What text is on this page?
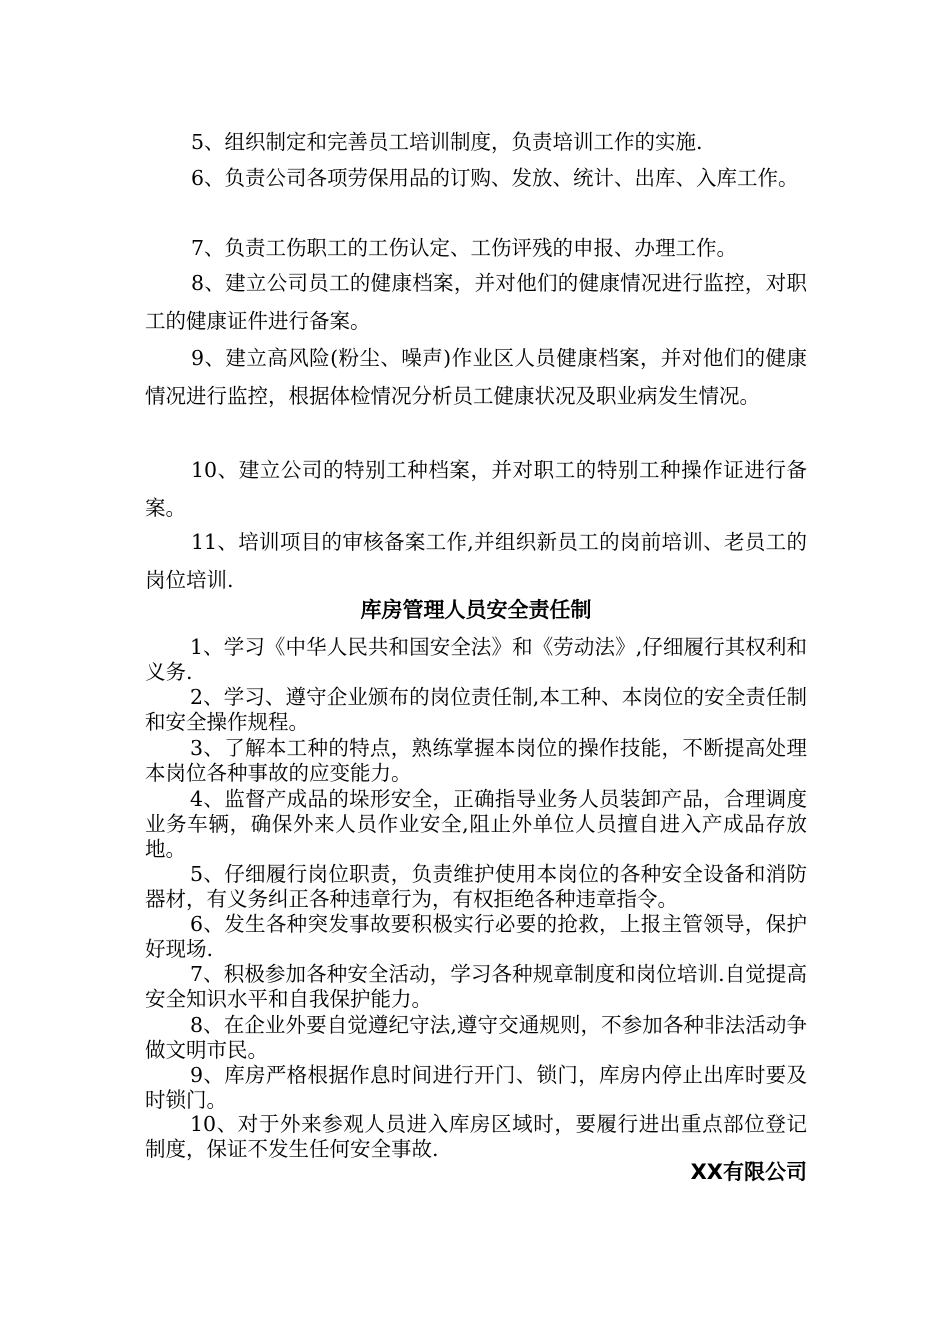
5、组织制定和完善员工培训制度，负责培训工作的实施.

6、负责公司各项劳保用品的订购、发放、统计、出库、入库工作。

7、负责工伤职工的工伤认定、工伤评残的申报、办理工作。

8、建立公司员工的健康档案，并对他们的健康情况进行监控，对职工的健康证件进行备案。

9、建立高风险(粉尘、噪声)作业区人员健康档案，并对他们的健康情况进行监控，根据体检情况分析员工健康状况及职业病发生情况。

10、建立公司的特别工种档案，并对职工的特别工种操作证进行备案。

11、培训项目的审核备案工作,并组织新员工的岗前培训、老员工的岗位培训.

库房管理人员安全责任制

1、学习《中华人民共和国安全法》和《劳动法》,仔细履行其权利和义务.

2、学习、遵守企业颁布的岗位责任制,本工种、本岗位的安全责任制和安全操作规程。

3、了解本工种的特点，熟练掌握本岗位的操作技能，不断提高处理本岗位各种事故的应变能力。

4、监督产成品的垛形安全，正确指导业务人员装卸产品，合理调度业务车辆，确保外来人员作业安全,阻止外单位人员擅自进入产成品存放地。

5、仔细履行岗位职责，负责维护使用本岗位的各种安全设备和消防器材，有义务纠正各种违章行为，有权拒绝各种违章指令。

6、发生各种突发事故要积极实行必要的抢救，上报主管领导，保护好现场.

7、积极参加各种安全活动，学习各种规章制度和岗位培训.自觉提高安全知识水平和自我保护能力。

8、在企业外要自觉遵纪守法,遵守交通规则，不参加各种非法活动争做文明市民。

9、库房严格根据作息时间进行开门、锁门，库房内停止出库时要及时锁门。

10、对于外来参观人员进入库房区域时，要履行进出重点部位登记制度，保证不发生任何安全事故.

XX有限公司
